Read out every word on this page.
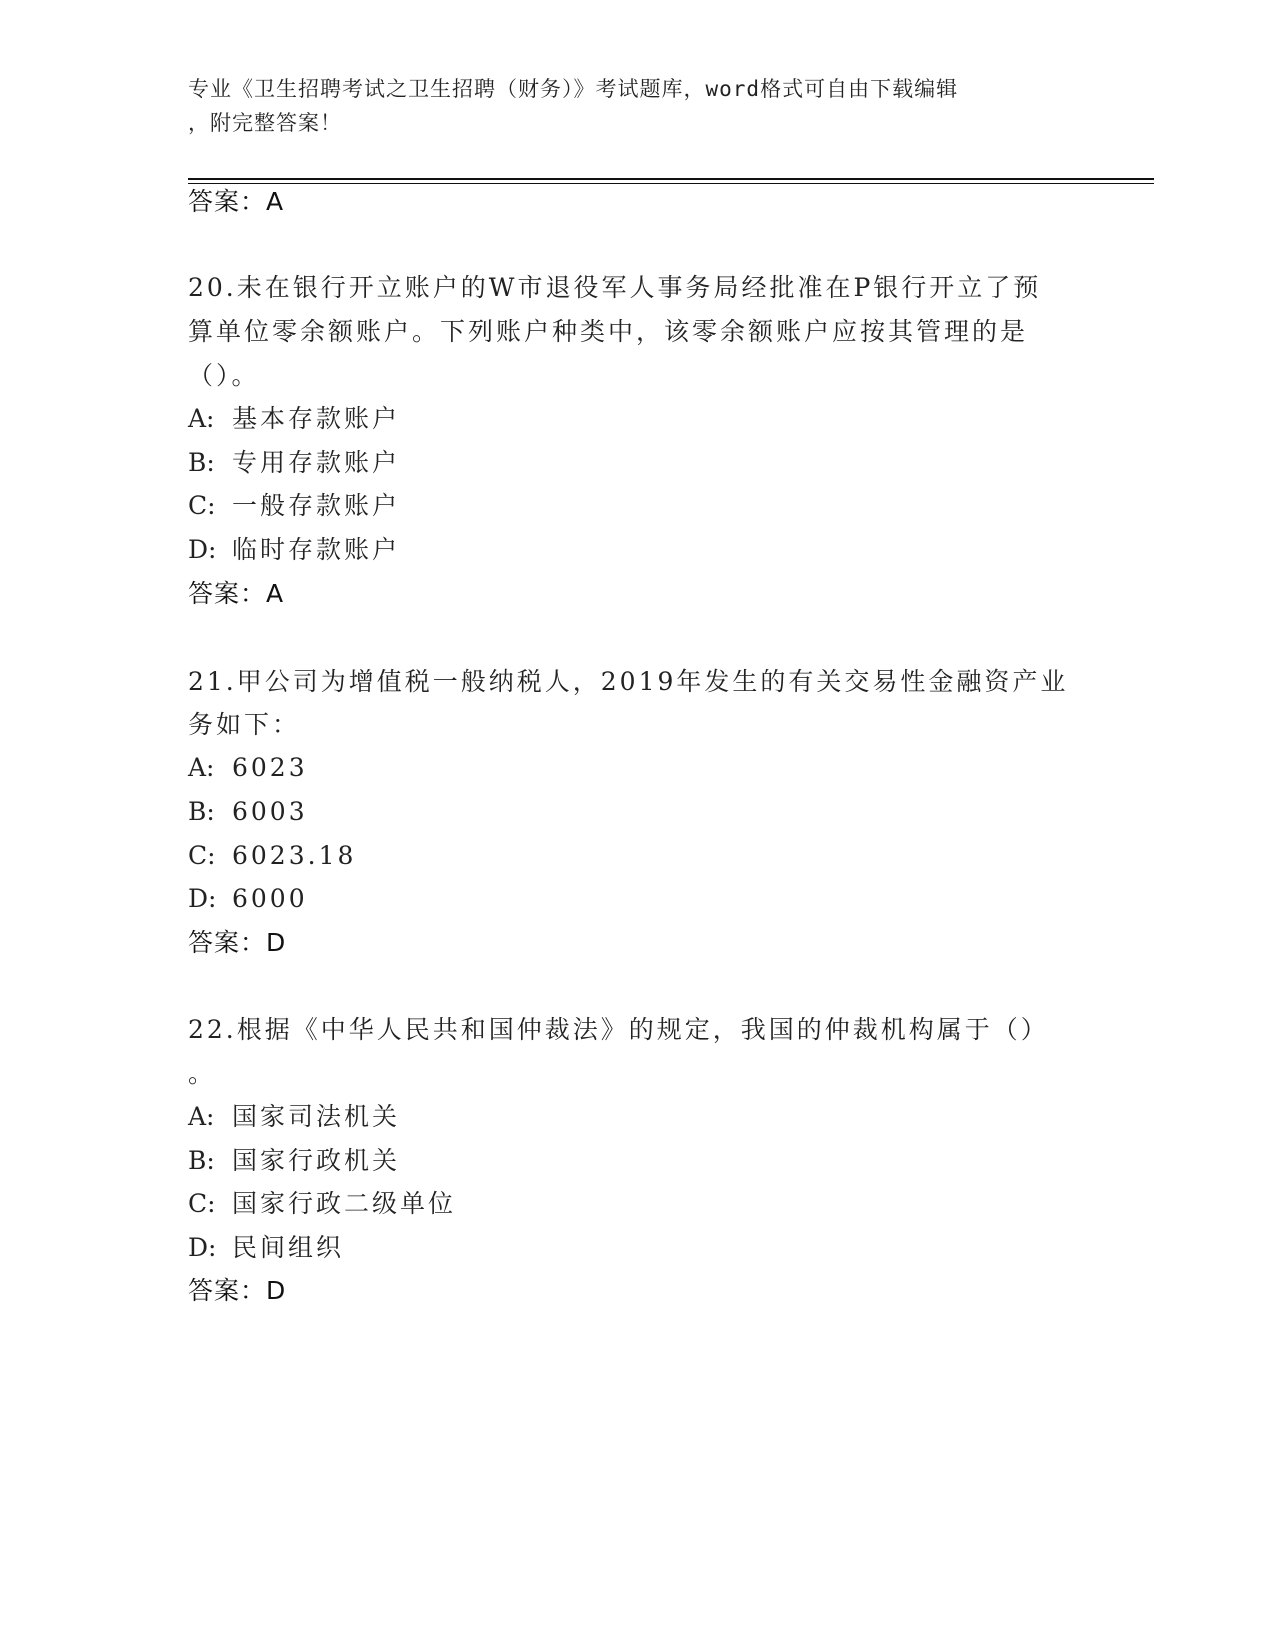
专业《卫生招聘考试之卫生招聘（财务）》考试题库，word格式可自由下载编辑
，附完整答案！
答案：A
20.未在银行开立账户的W市退役军人事务局经批准在P银行开立了预
算单位零余额账户。下列账户种类中，该零余额账户应按其管理的是
（）。
A: 基本存款账户
B: 专用存款账户
C: 一般存款账户
D: 临时存款账户
答案：A
21.甲公司为增值税一般纳税人，2019年发生的有关交易性金融资产业
务如下：
A: 6023
B: 6003
C: 6023.18
D: 6000
答案：D
22.根据《中华人民共和国仲裁法》的规定，我国的仲裁机构属于（）
。
A: 国家司法机关
B: 国家行政机关
C: 国家行政二级单位
D: 民间组织
答案：D
